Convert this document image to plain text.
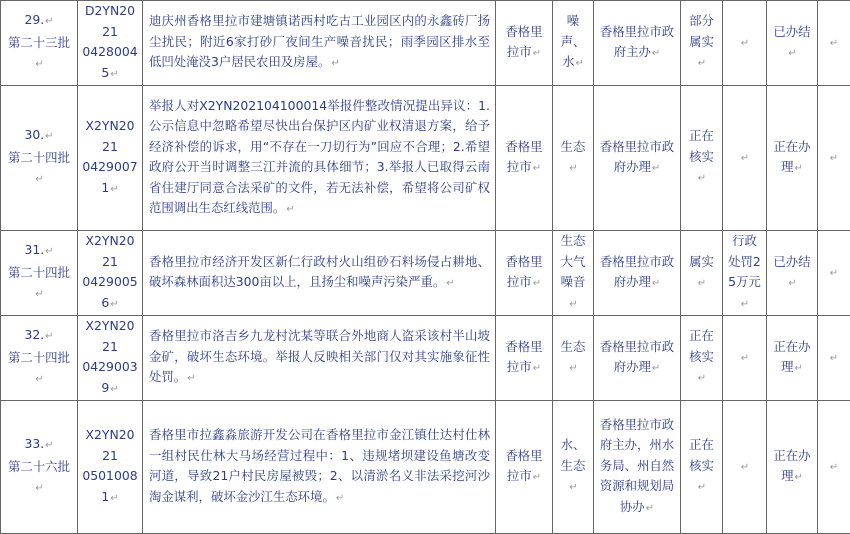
29.↵
第二十三批↵	D2YN2021
04280045↵	迪庆州香格里拉市建塘镇诺西村吃古工业园区内的永鑫砖厂扬尘扰民；附近6家打砂厂夜间生产噪音扰民；雨季园区排水至低凹处淹没3户居民农田及房屋。↵	香格里拉市↵	噪声、水↵	香格里拉市政府主办↵	部分属实↵	↵	已办结↵	↵
30.↵
第二十四批↵	X2YN2021
04290071↵	举报人对X2YN202104100014举报件整改情况提出异议：1.公示信息中忽略希望尽快出台保护区内矿业权清退方案，给予经济补偿的诉求，用“不存在一刀切行为”回应不合理；2.希望政府公开当时调整三江并流的具体细节；3.举报人已取得云南省住建厅同意合法采矿的文件，若无法补偿，希望将公司矿权范围调出生态红线范围。↵	香格里拉市↵	生态↵	香格里拉市政府办理↵	正在核实↵	↵	正在办理↵	↵
31.↵
第二十四批↵	X2YN2021
04290056↵	香格里拉市经济开发区新仁行政村火山组砂石料场侵占耕地、破坏森林面积达300亩以上，且扬尘和噪声污染严重。↵	香格里拉市↵	生态大气噪音↵	香格里拉市政府办理↵	属实↵	行政处罚25万元↵	已办结↵	↵
32.↵
第二十四批↵	X2YN2021
04290039↵	香格里拉市洛吉乡九龙村沈某等联合外地商人盗采该村半山坡金矿，破坏生态环境。举报人反映相关部门仅对其实施象征性处罚。↵	香格里拉市↵	生态↵	香格里拉市政府办理↵	正在核实↵	↵	正在办理↵	↵
33.↵
第二十六批↵	X2YN2021
05010081↵	香格里市拉鑫淼旅游开发公司在香格里拉市金江镇仕达村仕林一组村民仕林大马场经营过程中：1、违规堵坝建设鱼塘改变河道，导致21户村民房屋被毁；2、以清淤名义非法采挖河沙淘金谋利，破坏金沙江生态环境。↵	香格里拉市↵	水、生态↵	香格里拉市政府主办，州水务局、州自然资源和规划局协办↵	正在核实↵	↵	正在办理↵	↵
